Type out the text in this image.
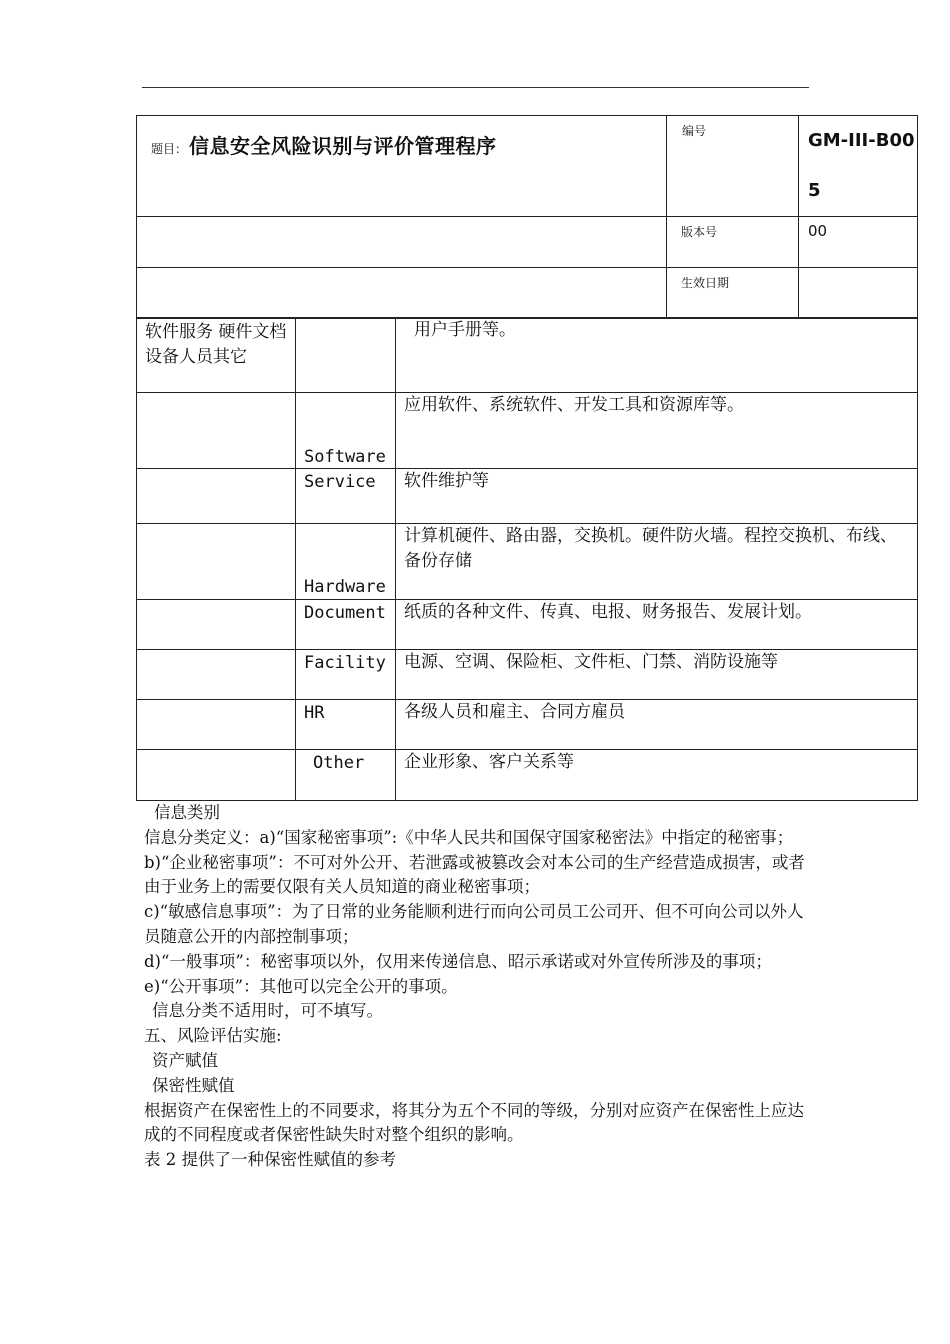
题目： 信息安全风险识别与评价管理程序	编号	GM-III-B005

	版本号	00

	生效日期	

软件服务 硬件文档 设备人员其它		用户手册等。
	Software	应用软件、系统软件、开发工具和资源库等。
	Service	软件维护等
	Hardware	计算机硬件、路由器，交换机。硬件防火墙。程控交换机、布线、备份存储
	Document	纸质的各种文件、传真、电报、财务报告、发展计划。
	Facility	电源、空调、保险柜、文件柜、门禁、消防设施等
	HR	各级人员和雇主、合同方雇员
	Other	企业形象、客户关系等

信息类别

信息分类定义：a)“国家秘密事项”:《中华人民共和国保守国家秘密法》中指定的秘密事；

b)“企业秘密事项”：不可对外公开、若泄露或被篡改会对本公司的生产经营造成损害，或者由于业务上的需要仅限有关人员知道的商业秘密事项；

c)“敏感信息事项”：为了日常的业务能顺利进行而向公司员工公司开、但不可向公司以外人员随意公开的内部控制事项；

d)“一般事项”：秘密事项以外，仅用来传递信息、昭示承诺或对外宣传所涉及的事项；

e)“公开事项”：其他可以完全公开的事项。

信息分类不适用时，可不填写。

五、风险评估实施:

资产赋值

保密性赋值

根据资产在保密性上的不同要求，将其分为五个不同的等级，分别对应资产在保密性上应达成的不同程度或者保密性缺失时对整个组织的影响。

表 2 提供了一种保密性赋值的参考
